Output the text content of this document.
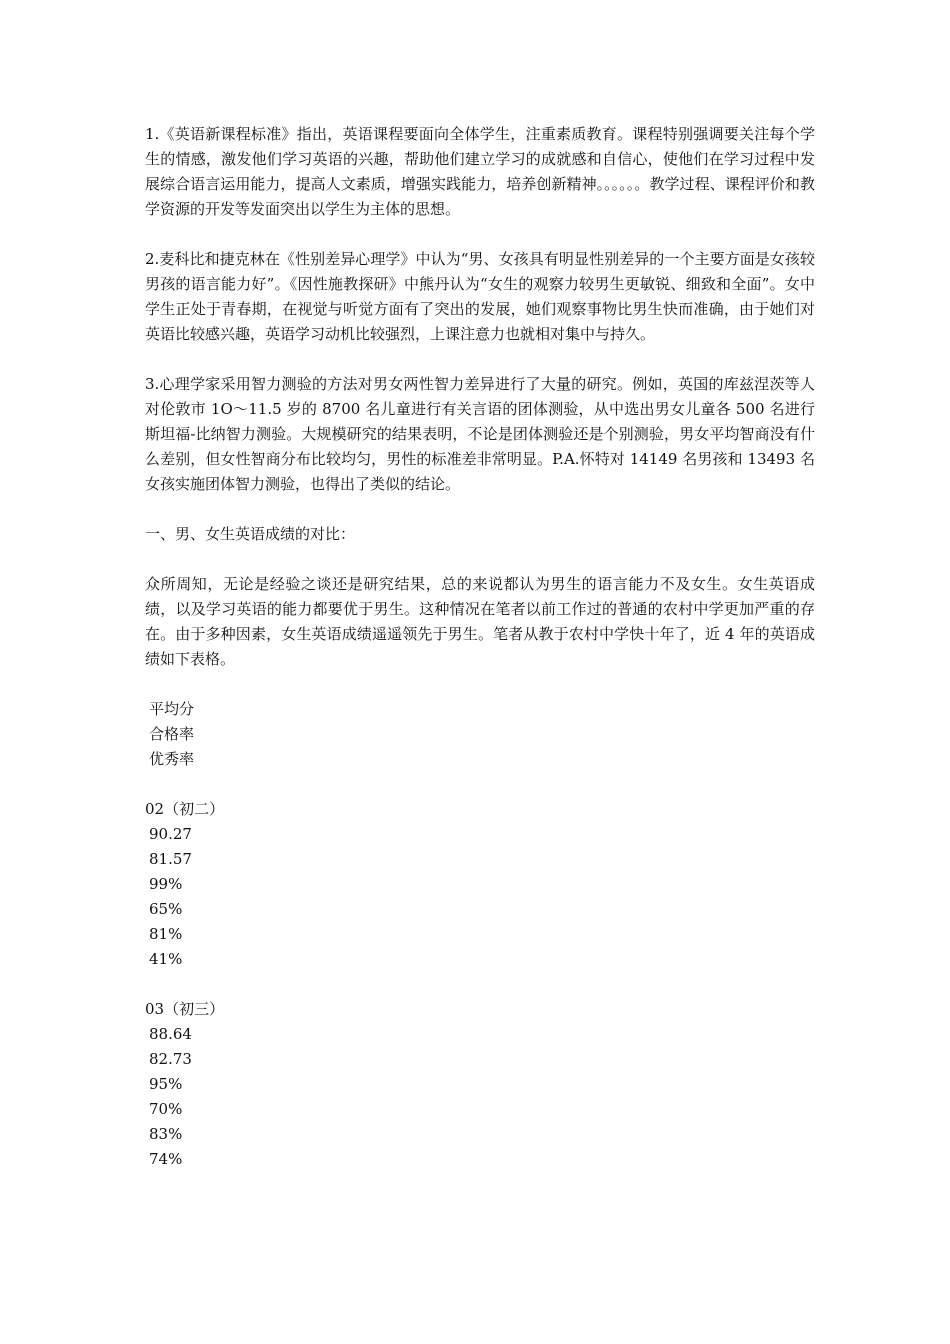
1.《英语新课程标准》指出，英语课程要面向全体学生，注重素质教育。课程特别强调要关注每个学生的情感，激发他们学习英语的兴趣，帮助他们建立学习的成就感和自信心，使他们在学习过程中发展综合语言运用能力，提高人文素质，增强实践能力，培养创新精神。。。。。。教学过程、课程评价和教学资源的开发等发面突出以学生为主体的思想。

2.麦科比和捷克林在《性别差异心理学》中认为“男、女孩具有明显性别差异的一个主要方面是女孩较男孩的语言能力好”。《因性施教探研》中熊丹认为“女生的观察力较男生更敏锐、细致和全面”。女中学生正处于青春期，在视觉与听觉方面有了突出的发展，她们观察事物比男生快而准确，由于她们对英语比较感兴趣，英语学习动机比较强烈，上课注意力也就相对集中与持久。

3.心理学家采用智力测验的方法对男女两性智力差异进行了大量的研究。例如，英国的库兹涅茨等人对伦敦市 1O～11.5 岁的 8700 名儿童进行有关言语的团体测验，从中选出男女儿童各 500 名进行斯坦福-比纳智力测验。大规模研究的结果表明，不论是团体测验还是个别测验，男女平均智商没有什么差别，但女性智商分布比较均匀，男性的标准差非常明显。P.A.怀特对 14149 名男孩和 13493 名女孩实施团体智力测验，也得出了类似的结论。

一、男、女生英语成绩的对比：

众所周知，无论是经验之谈还是研究结果，总的来说都认为男生的语言能力不及女生。女生英语成绩，以及学习英语的能力都要优于男生。这种情况在笔者以前工作过的普通的农村中学更加严重的存在。由于多种因素，女生英语成绩遥遥领先于男生。笔者从教于农村中学快十年了，近 4 年的英语成绩如下表格。

平均分
合格率
优秀率
02（初二）
90.27
81.57
99%
65%
81%
41%
03（初三）
88.64
82.73
95%
70%
83%
74%
